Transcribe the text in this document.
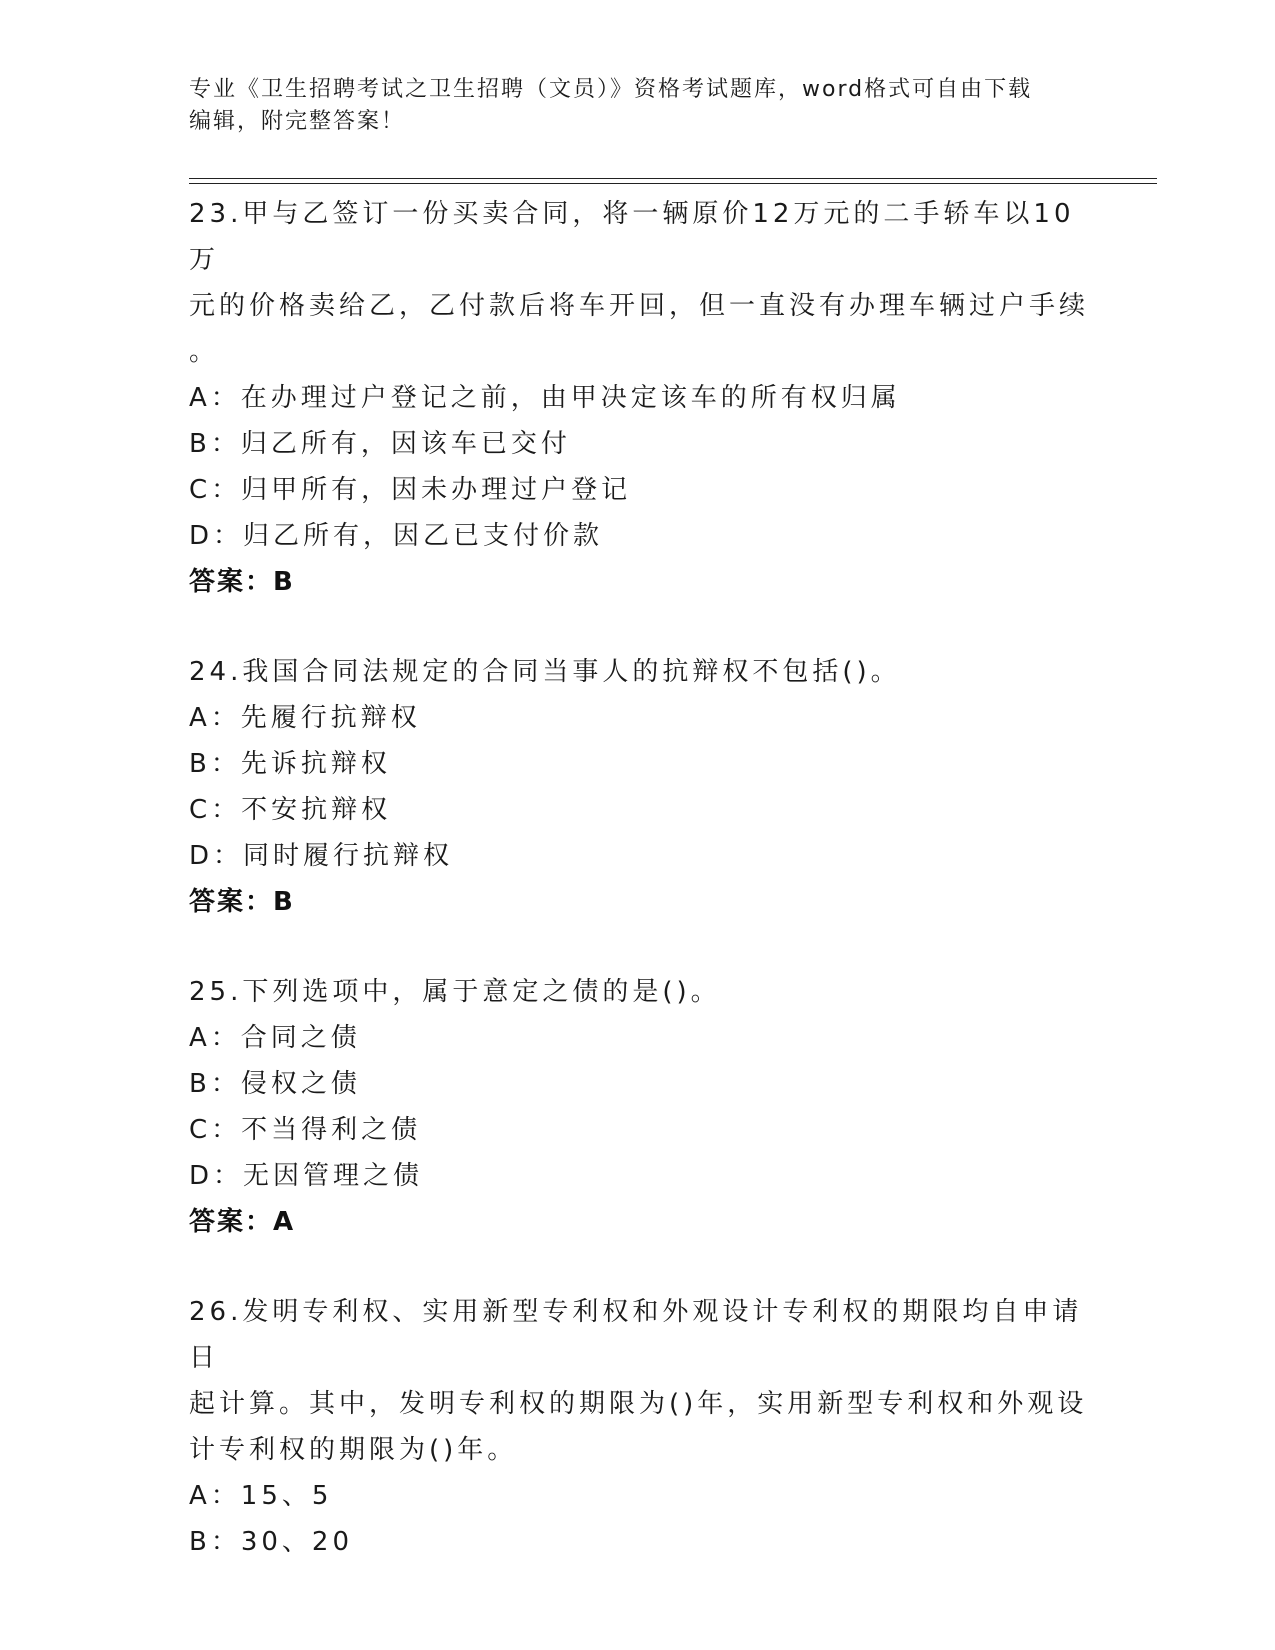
专业《卫生招聘考试之卫生招聘（文员）》资格考试题库，word格式可自由下载
编辑，附完整答案！
23.甲与乙签订一份买卖合同，将一辆原价12万元的二手轿车以10万
元的价格卖给乙，乙付款后将车开回，但一直没有办理车辆过户手续
。
A：在办理过户登记之前，由甲决定该车的所有权归属
B：归乙所有，因该车已交付
C：归甲所有，因未办理过户登记
D：归乙所有，因乙已支付价款
答案：B
24.我国合同法规定的合同当事人的抗辩权不包括()。
A：先履行抗辩权
B：先诉抗辩权
C：不安抗辩权
D：同时履行抗辩权
答案：B
25.下列选项中，属于意定之债的是()。
A：合同之债
B：侵权之债
C：不当得利之债
D：无因管理之债
答案：A
26.发明专利权、实用新型专利权和外观设计专利权的期限均自申请日
起计算。其中，发明专利权的期限为()年，实用新型专利权和外观设
计专利权的期限为()年。
A：15、5
B：30、20
